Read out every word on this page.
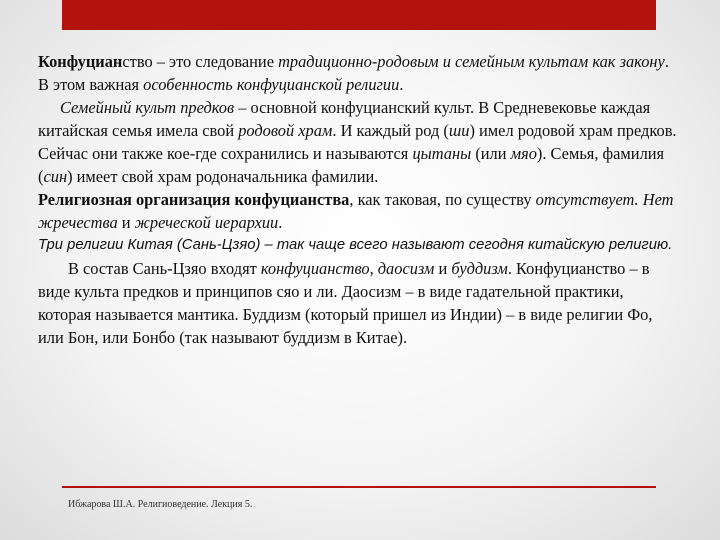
Конфуцианство – это следование традиционно-родовым и семейным культам как закону. В этом важная особенность конфуцианской религии.

Семейный культ предков – основной конфуцианский культ. В Средневековье каждая китайская семья имела свой родовой храм. И каждый род (ши) имел родовой храм предков. Сейчас они также кое-где сохранились и называются цытаны (или мяо). Семья, фамилия (син) имеет свой храм родоначальника фамилии.

Религиозная организация конфуцианства, как таковая, по существу отсутствует. Нет жречества и жреческой иерархии.

Три религии Китая (Сань-Цзяо) – так чаще всего называют сегодня китайскую религию.

В состав Сань-Цзяо входят конфуцианство, даосизм и буддизм. Конфуцианство – в виде культа предков и принципов сяо и ли. Даосизм – в виде гадательной практики, которая называется мантика. Буддизм (который пришел из Индии) – в виде религии Фо, или Бон, или Бонбо (так называют буддизм в Китае).

Ибжарова Ш.А. Религиоведение. Лекция 5.
